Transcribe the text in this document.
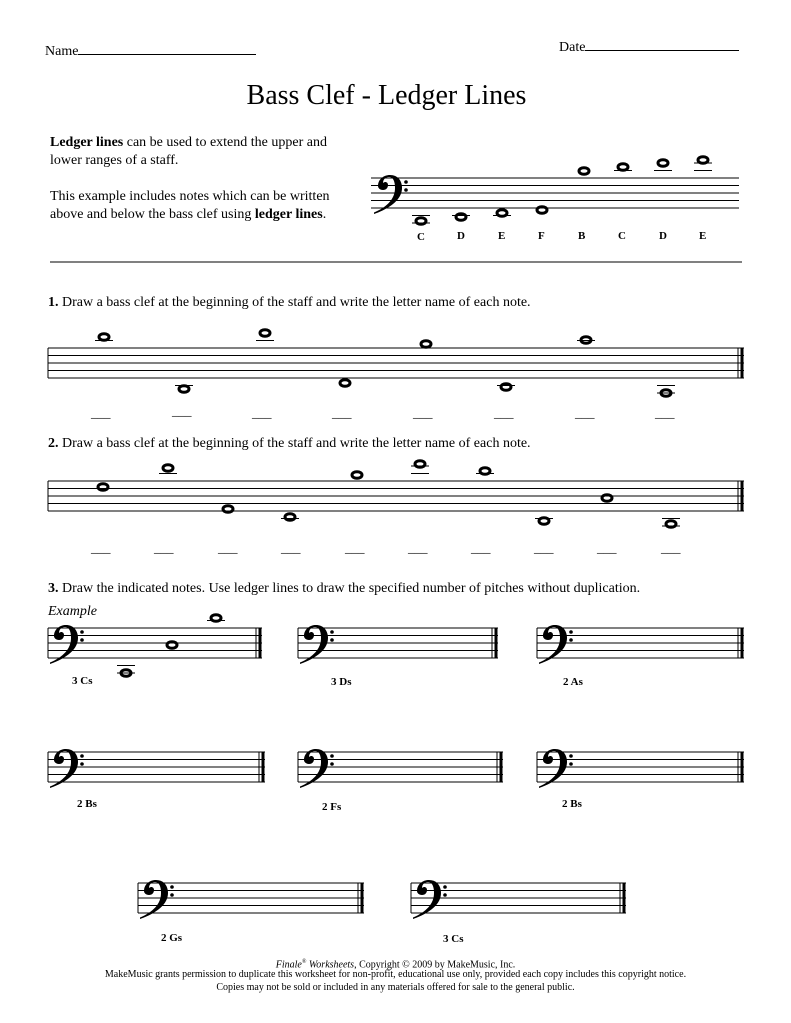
Name	Date
Bass Clef - Ledger Lines
Ledger lines can be used to extend the upper and lower ranges of a staff.
This example includes notes which can be written above and below the bass clef using ledger lines.
C	D	E	F	B	C	D	E
1. Draw a bass clef at the beginning of the staff and write the letter name of each note.
2. Draw a bass clef at the beginning of the staff and write the letter name of each note.
3. Draw the indicated notes. Use ledger lines to draw the specified number of pitches without duplication.
Example
___	___	___	___	___	___	___	___
___	___	___	___	___	___	___	___	___	___
3 Cs	3 Ds	2 As
2 Bs	2 Fs	2 Bs
2 Gs	3 Cs
Finale® Worksheets, Copyright © 2009 by MakeMusic, Inc.
MakeMusic grants permission to duplicate this worksheet for non-profit, educational use only, provided each copy includes this copyright notice.
Copies may not be sold or included in any materials offered for sale to the general public.
